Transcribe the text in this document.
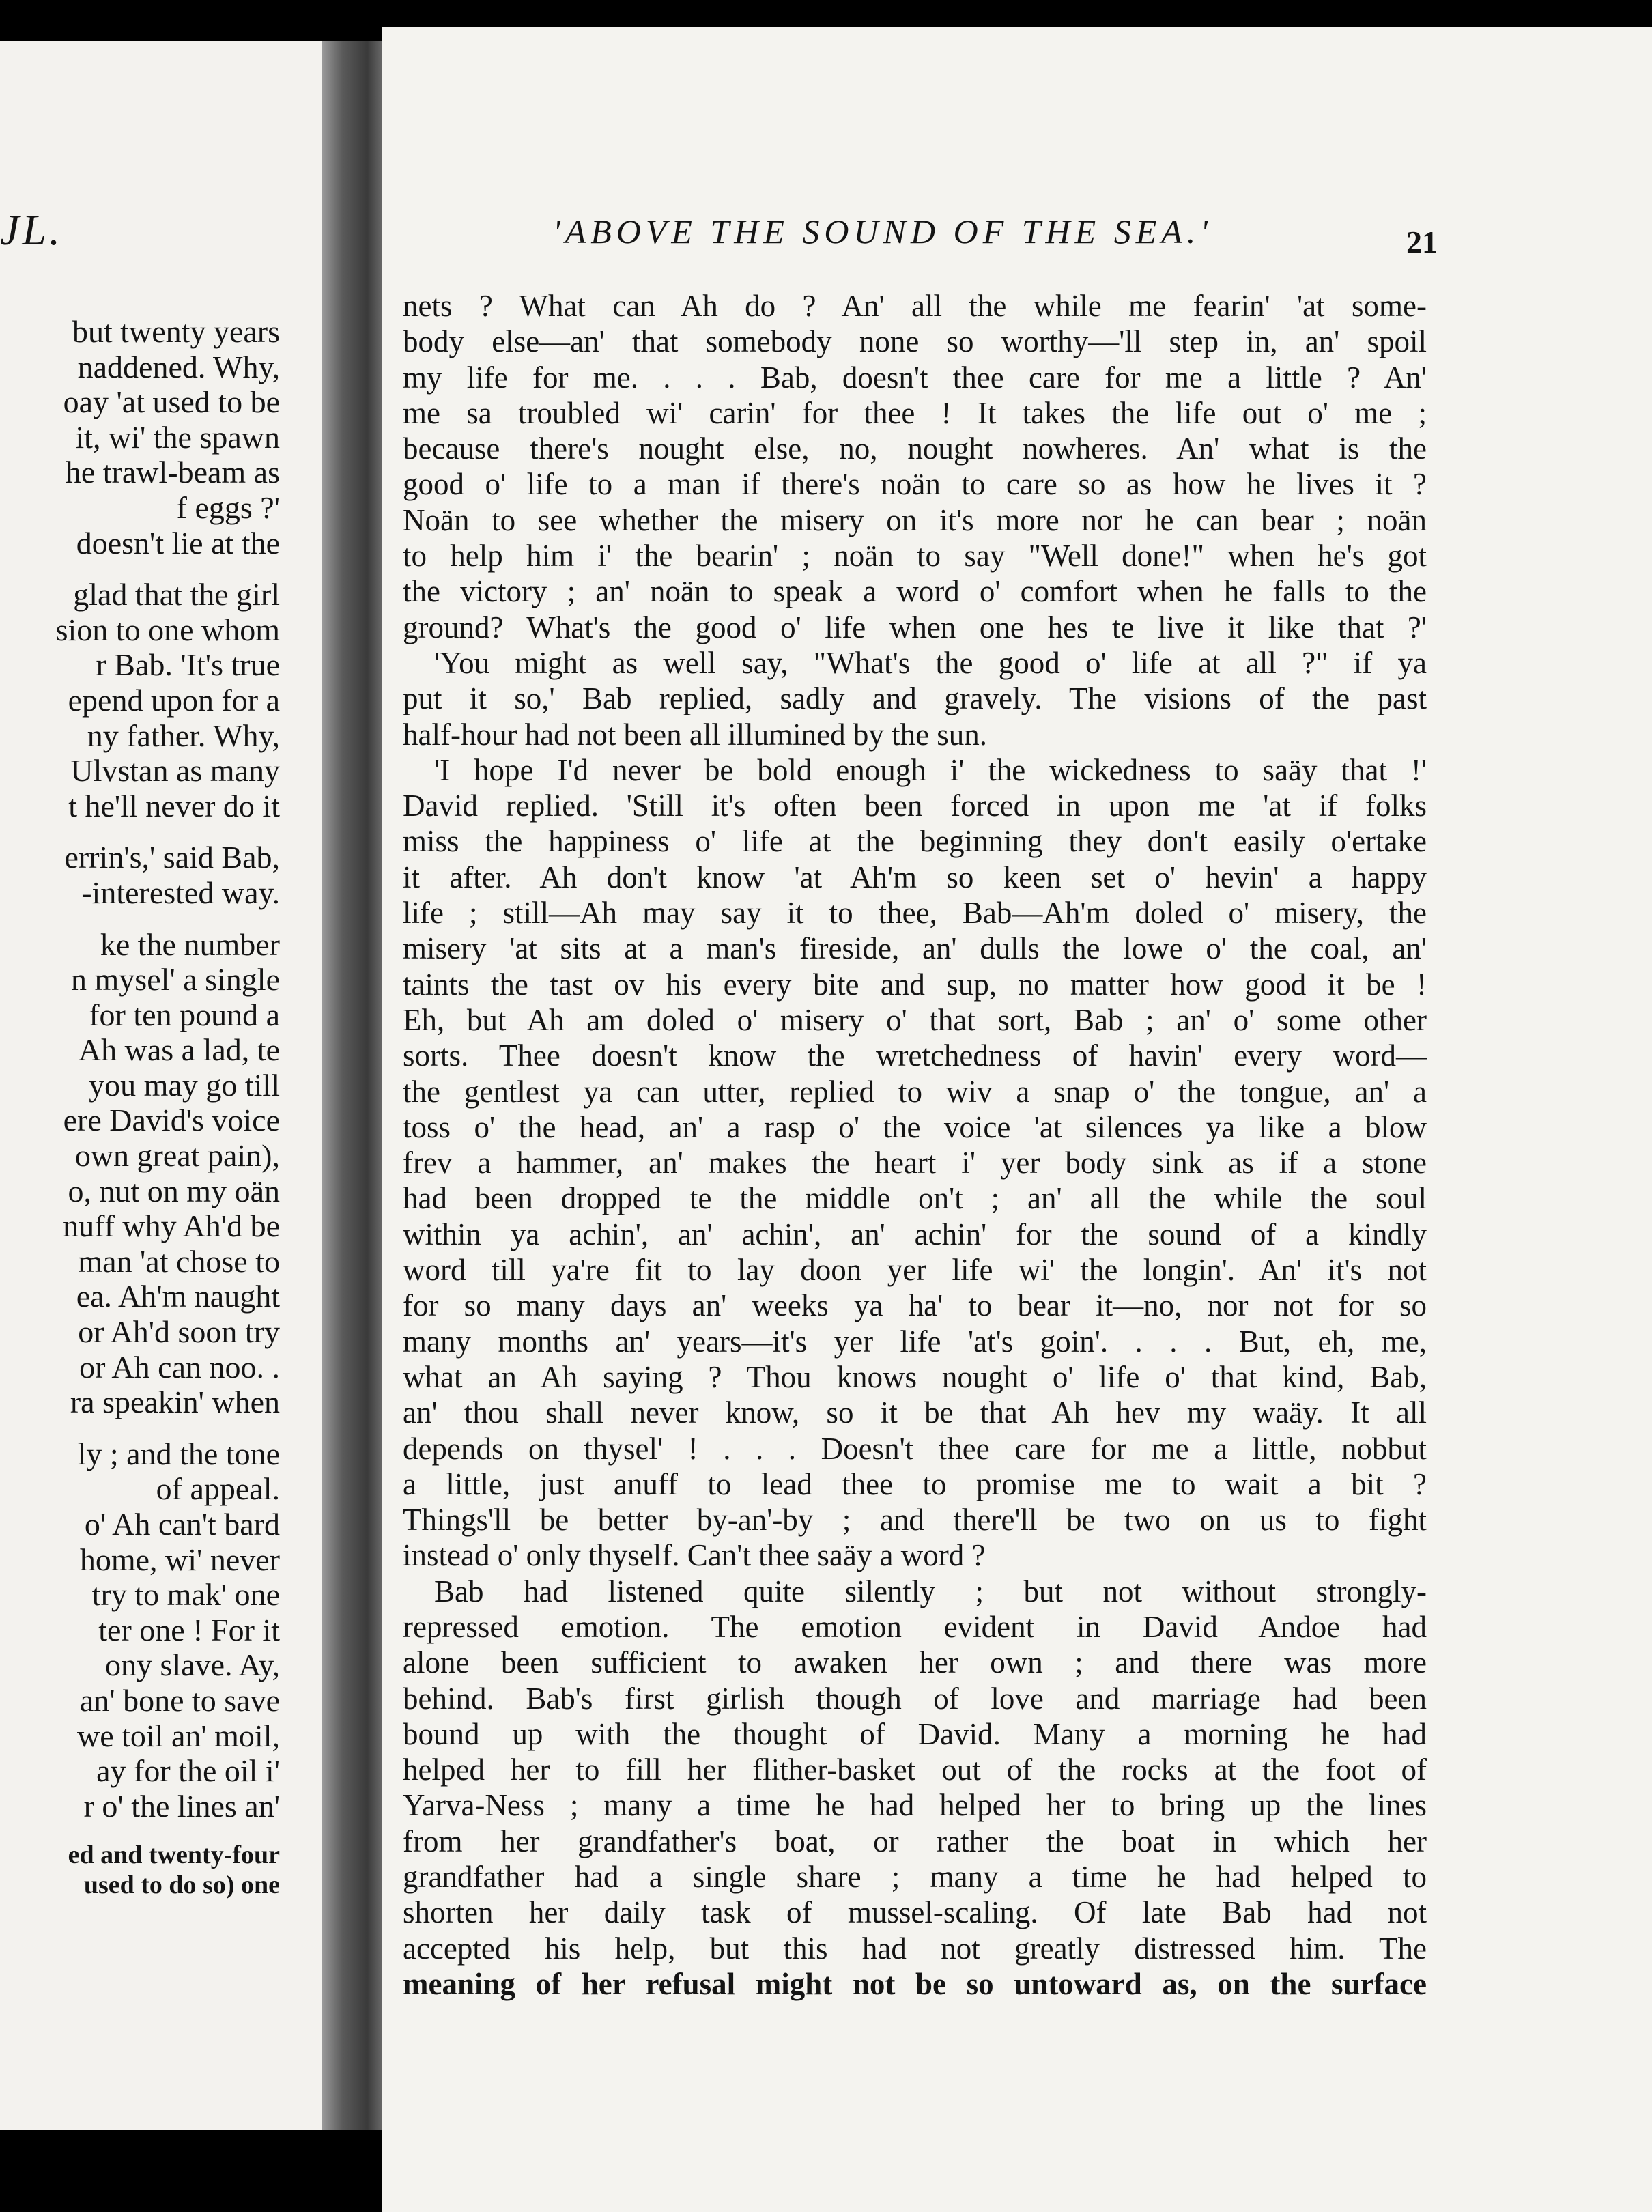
JL.
but twenty years
naddened. Why,
oay 'at used to be
it, wi' the spawn
he trawl-beam as
f eggs ?'
doesn't lie at the
glad that the girl
sion to one whom
r Bab. 'It's true
epend upon for a
ny father. Why,
Ulvstan as many
t he'll never do it
errin's,' said Bab,
-interested way.
ke the number
n mysel' a single
for ten pound a
Ah was a lad, te
you may go till
ere David's voice
own great pain),
o, nut on my oän
nuff why Ah'd be
man 'at chose to
ea. Ah'm naught
or Ah'd soon try
or Ah can noo. .
ra speakin' when
ly ; and the tone
of appeal.
o' Ah can't bard
home, wi' never
try to mak' one
ter one ! For it
ony slave. Ay,
an' bone to save
we toil an' moil,
ay for the oil i'
r o' the lines an'
ed and twenty-four
used to do so) one
'ABOVE THE SOUND OF THE SEA.'	21
nets ? What can Ah do ? An' all the while me fearin' 'at some-
body else—an' that somebody none so worthy—'ll step in, an' spoil
my life for me. . . . Bab, doesn't thee care for me a little ? An'
me sa troubled wi' carin' for thee ! It takes the life out o' me ;
because there's nought else, no, nought nowheres. An' what is the
good o' life to a man if there's noän to care so as how he lives it ?
Noän to see whether the misery on it's more nor he can bear ; noän
to help him i' the bearin' ; noän to say "Well done!" when he's got
the victory ; an' noän to speak a word o' comfort when he falls to the
ground? What's the good o' life when one hes te live it like that ?'
'You might as well say, "What's the good o' life at all ?" if ya
put it so,' Bab replied, sadly and gravely. The visions of the past
half-hour had not been all illumined by the sun.
'I hope I'd never be bold enough i' the wickedness to saäy that !'
David replied. 'Still it's often been forced in upon me 'at if folks
miss the happiness o' life at the beginning they don't easily o'ertake
it after. Ah don't know 'at Ah'm so keen set o' hevin' a happy
life ; still—Ah may say it to thee, Bab—Ah'm doled o' misery, the
misery 'at sits at a man's fireside, an' dulls the lowe o' the coal, an'
taints the tast ov his every bite and sup, no matter how good it be !
Eh, but Ah am doled o' misery o' that sort, Bab ; an' o' some other
sorts. Thee doesn't know the wretchedness of havin' every word—
the gentlest ya can utter, replied to wiv a snap o' the tongue, an' a
toss o' the head, an' a rasp o' the voice 'at silences ya like a blow
frev a hammer, an' makes the heart i' yer body sink as if a stone
had been dropped te the middle on't ; an' all the while the soul
within ya achin', an' achin', an' achin' for the sound of a kindly
word till ya're fit to lay doon yer life wi' the longin'. An' it's not
for so many days an' weeks ya ha' to bear it—no, nor not for so
many months an' years—it's yer life 'at's goin'. . . . But, eh, me,
what an Ah saying ? Thou knows nought o' life o' that kind, Bab,
an' thou shall never know, so it be that Ah hev my waäy. It all
depends on thysel' ! . . . Doesn't thee care for me a little, nobbut
a little, just anuff to lead thee to promise me to wait a bit ?
Things'll be better by-an'-by ; and there'll be two on us to fight
instead o' only thyself. Can't thee saäy a word ?
Bab had listened quite silently ; but not without strongly-
repressed emotion. The emotion evident in David Andoe had
alone been sufficient to awaken her own ; and there was more
behind. Bab's first girlish though of love and marriage had been
bound up with the thought of David. Many a morning he had
helped her to fill her flither-basket out of the rocks at the foot of
Yarva-Ness ; many a time he had helped her to bring up the lines
from her grandfather's boat, or rather the boat in which her
grandfather had a single share ; many a time he had helped to
shorten her daily task of mussel-scaling. Of late Bab had not
accepted his help, but this had not greatly distressed him. The
meaning of her refusal might not be so untoward as, on the surface
